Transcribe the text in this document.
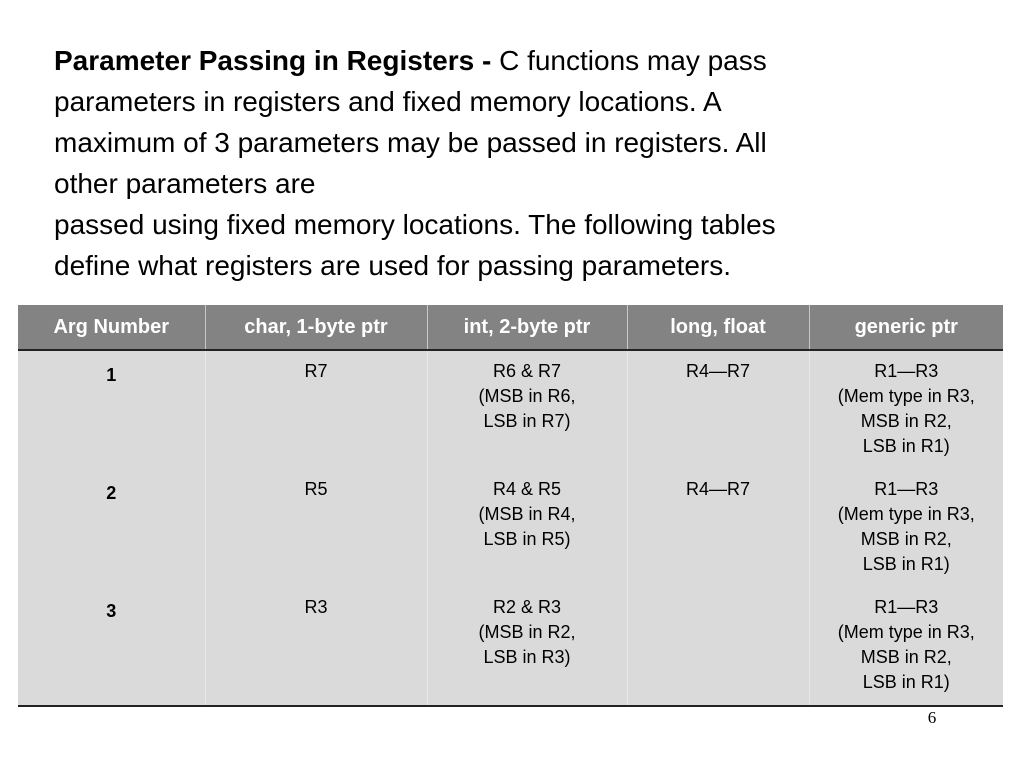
Parameter Passing in Registers - C functions may pass
parameters in registers and fixed memory locations. A
maximum of 3 parameters may be passed in registers. All
other parameters are
passed using fixed memory locations. The following tables
define what registers are used for passing parameters.
Arg Number	char, 1-byte ptr	int, 2-byte ptr	long, float	generic ptr
1	R7	R6 & R7
(MSB in R6,
LSB in R7)	R4—R7	R1—R3
(Mem type in R3,
MSB in R2,
LSB in R1)

2	R5	R4 & R5
(MSB in R4,
LSB in R5)	R4—R7	R1—R3
(Mem type in R3,
MSB in R2,
LSB in R1)

3	R3	R2 & R3
(MSB in R2,
LSB in R3)		R1—R3
(Mem type in R3,
MSB in R2,
LSB in R1)
6
